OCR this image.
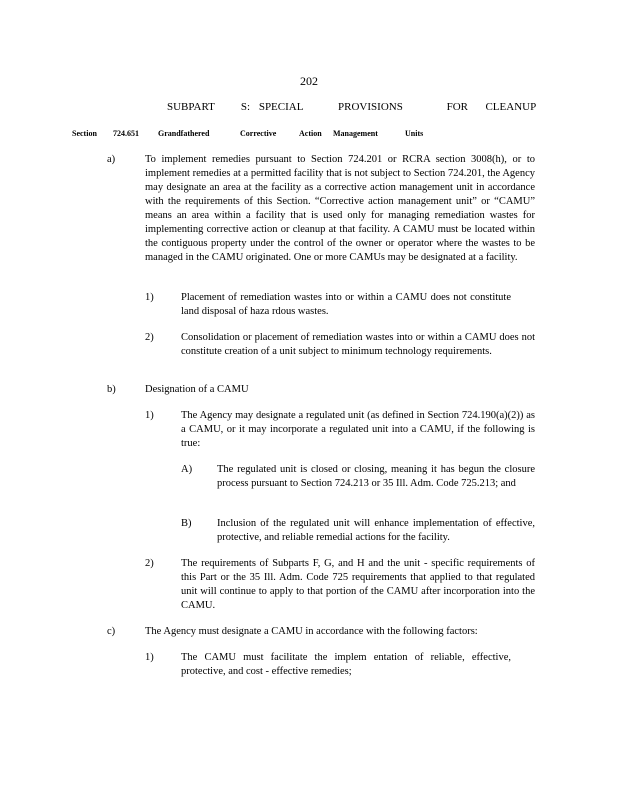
202
SUBPART   S: SPECIAL    PROVISIONS     FOR  CLEANUP
Section 724.651 Grandfathered	Corrective	Action Management	Units
a)	To implement remedies pursuant to Section 724.201 or RCRA section 3008(h), or to implement remedies at a permitted facility that is not subject to Section 724.201, the Agency may designate an area at the facility as a corrective action management unit in accordance with the requirements of this Section. “Corrective action management unit” or “CAMU” means an area within a facility that is used only for managing remediation wastes for implementing corrective action or cleanup at that facility. A CAMU must be located within the contiguous property under the control of the owner or operator where the wastes to be managed in the CAMU originated. One or more CAMUs may be designated at a facility.
1)	Placement of remediation wastes into or within a CAMU does not constitute land disposal of haza rdous wastes.
2)	Consolidation or placement of remediation wastes into or within a CAMU does not constitute creation of a unit subject to minimum technology requirements.
b)	Designation of a CAMU
1)	The Agency may designate a regulated unit (as defined in Section 724.190(a)(2)) as a CAMU, or it may incorporate a regulated unit into a CAMU, if the following is true:
A) The regulated unit is closed or closing, meaning it has begun the closure process pursuant to Section 724.213 or 35 Ill. Adm. Code 725.213; and
B) Inclusion of the regulated unit will enhance implementation of effective, protective, and reliable remedial actions for the facility.
2)	The requirements of Subparts F, G, and H and the unit - specific requirements of this Part or the 35 Ill. Adm. Code 725 requirements that applied to that regulated unit will continue to apply to that portion of the CAMU after incorporation into the CAMU.
c)	The Agency must designate a CAMU in accordance with the following factors:
1)	The CAMU must facilitate the implem entation of reliable, effective, protective, and cost - effective remedies;
